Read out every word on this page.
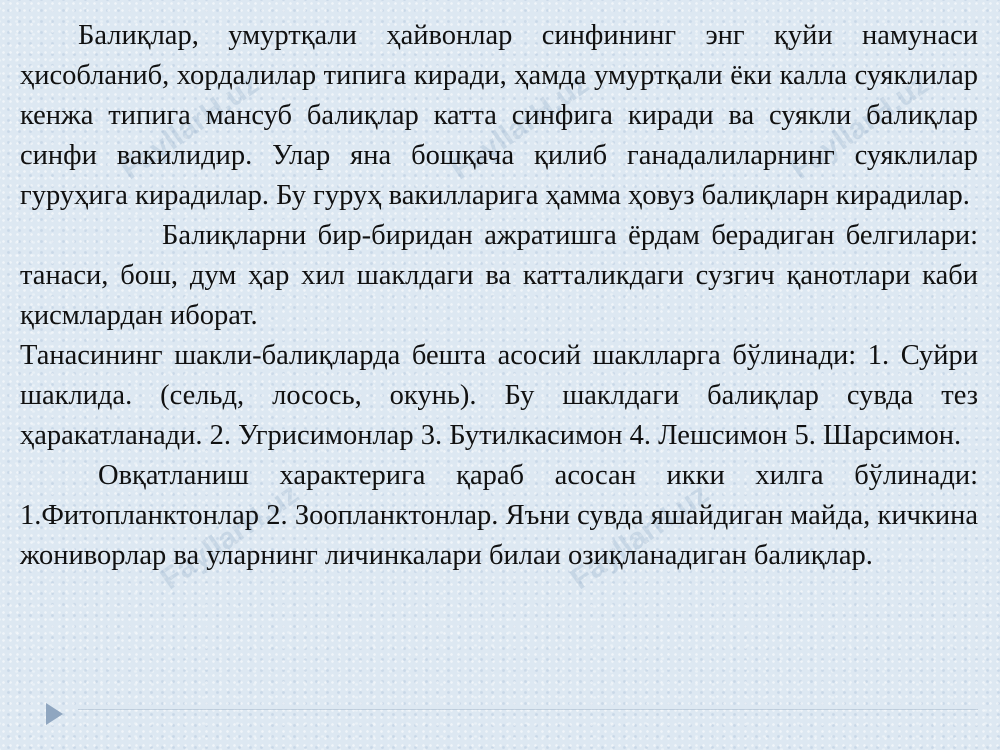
FayllarH.uz	FayllarH.uz	FayllarH.uz
FayllarH.uz	FayllarH.uz

Балиқлар, умуртқали ҳайвонлар синфининг энг қуйи намунаси ҳисобланиб, хордалилар типига киради, ҳамда умуртқали ёки калла суяклилар кенжа типига мансуб балиқлар катта синфига киради ва суякли балиқлар синфи вакилидир. Улар яна бошқача қилиб ганадалиларнинг суяклилар гуруҳига кирадилар. Бу гуруҳ вакилларига ҳамма ҳовуз балиқларн кирадилар.

Балиқларни бир-биридан ажратишга ёрдам берадиган белгилари: танаси, бош, дум ҳар хил шаклдаги ва катталикдаги сузгич қанотлари каби қисмлардан иборат.

Танасининг шакли-балиқларда бешта асосий шаклларга бўлинади: 1. Суйри шаклида. (сельд, лосось, окунь). Бу шаклдаги балиқлар сувда тез ҳаракатланади. 2. Угрисимонлар 3. Бутилкасимон 4. Лешсимон 5. Шарсимон.

Овқатланиш характерига қараб асосан икки хилга бўлинади: 1.Фитопланктонлар 2. Зоопланктонлар. Яъни сувда яшайдиган майда, кичкина жониворлар ва уларнинг личинкалари билаи озиқланадиган балиқлар.
